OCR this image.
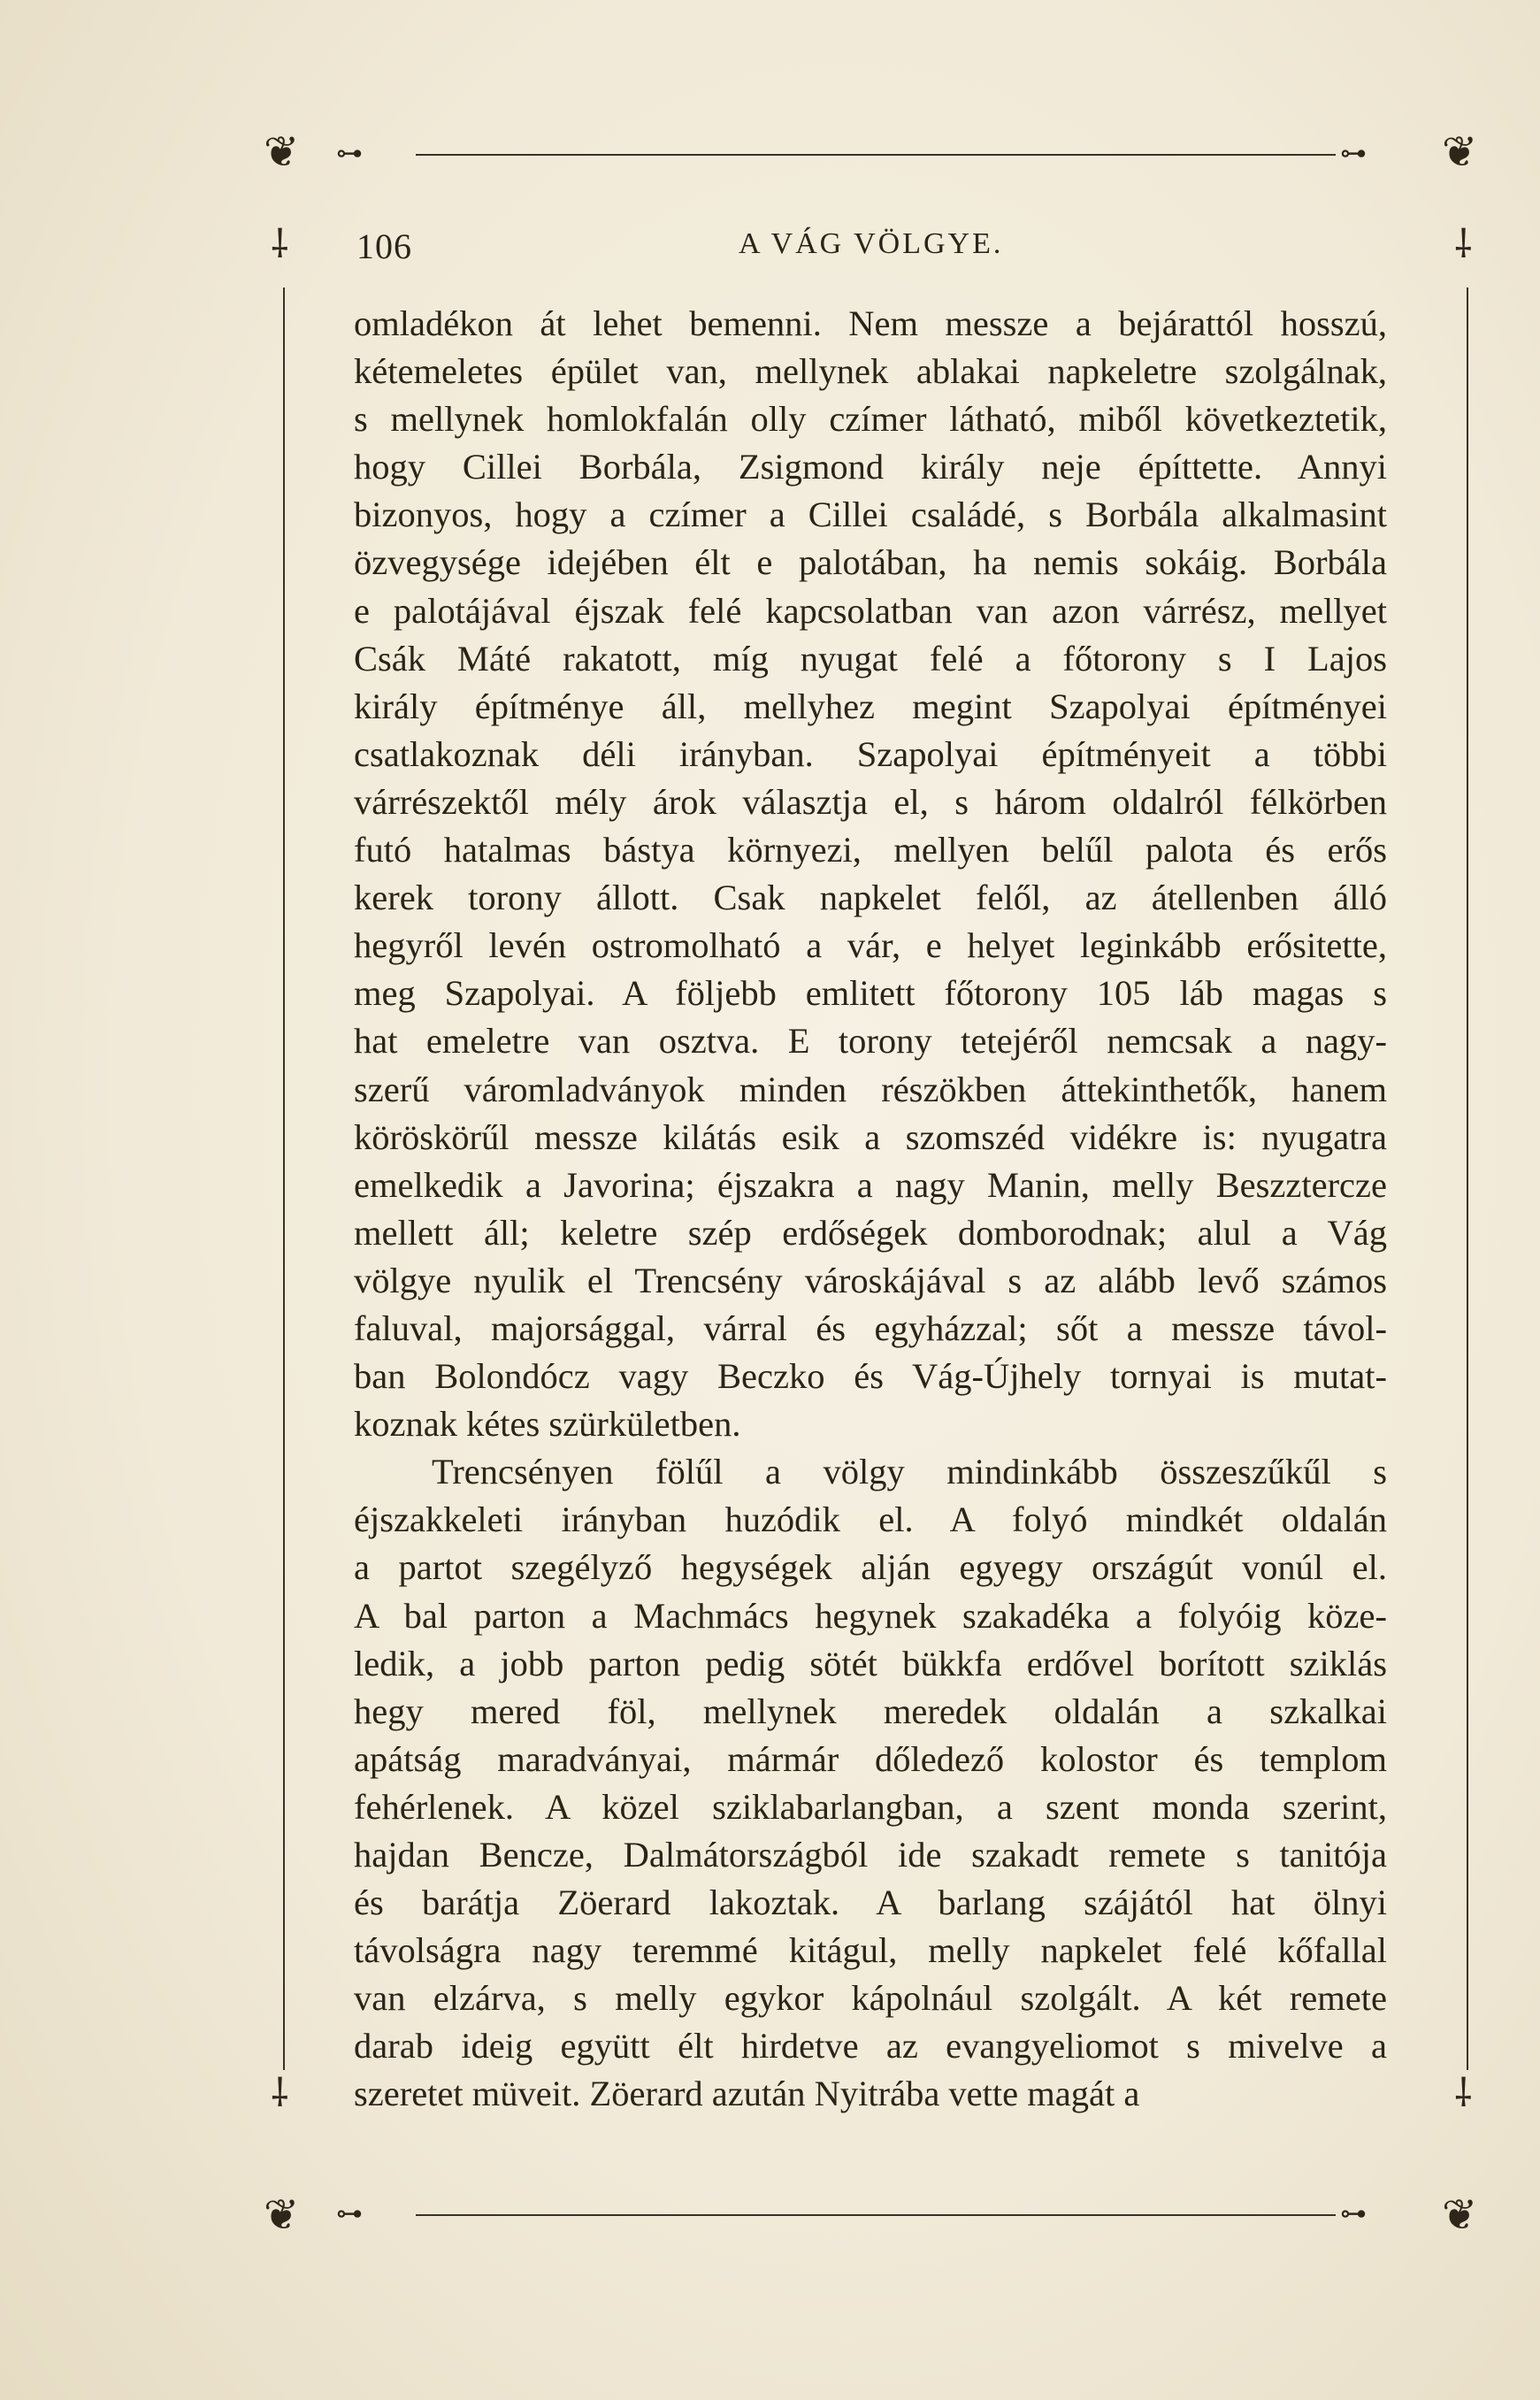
❦	❦
❦	❦
⊶	⊶
⊶	⊶
⸸	⸸
⸸	⸸
106	A VÁG VÖLGYE.
omladékon át lehet bemenni. Nem messze a bejárattól hosszú,
kétemeletes épület van, mellynek ablakai napkeletre szolgálnak,
s mellynek homlokfalán olly czímer látható, miből következtetik,
hogy Cillei Borbála, Zsigmond király neje építtette. Annyi
bizonyos, hogy a czímer a Cillei családé, s Borbála alkalmasint
özvegysége idejében élt e palotában, ha nemis sokáig. Borbála
e palotájával éjszak felé kapcsolatban van azon várrész, mellyet
Csák Máté rakatott, míg nyugat felé a főtorony s I Lajos
király építménye áll, mellyhez megint Szapolyai építményei
csatlakoznak déli irányban. Szapolyai építményeit a többi
várrészektől mély árok választja el, s három oldalról félkörben
futó hatalmas bástya környezi, mellyen belűl palota és erős
kerek torony állott. Csak napkelet felől, az átellenben álló
hegyről levén ostromolható a vár, e helyet leginkább erősitette,
meg Szapolyai. A följebb emlitett főtorony 105 láb magas s
hat emeletre van osztva. E torony tetejéről nemcsak a nagy-
szerű váromladványok minden részökben áttekinthetők, hanem
köröskörűl messze kilátás esik a szomszéd vidékre is: nyugatra
emelkedik a Javorina; éjszakra a nagy Manin, melly Beszztercze
mellett áll; keletre szép erdőségek domborodnak; alul a Vág
völgye nyulik el Trencsény városkájával s az alább levő számos
faluval, majorsággal, várral és egyházzal; sőt a messze távol-
ban Bolondócz vagy Beczko és Vág-Újhely tornyai is mutat-
koznak kétes szürkületben.
Trencsényen fölűl a völgy mindinkább összeszűkűl s
éjszakkeleti irányban huzódik el. A folyó mindkét oldalán
a partot szegélyző hegységek alján egyegy országút vonúl el.
A bal parton a Machmács hegynek szakadéka a folyóig köze-
ledik, a jobb parton pedig sötét bükkfa erdővel borított sziklás
hegy mered föl, mellynek meredek oldalán a szkalkai
apátság maradványai, mármár dőledező kolostor és templom
fehérlenek. A közel sziklabarlangban, a szent monda szerint,
hajdan Bencze, Dalmátországból ide szakadt remete s tanitója
és barátja Zöerard lakoztak. A barlang szájától hat ölnyi
távolságra nagy teremmé kitágul, melly napkelet felé kőfallal
van elzárva, s melly egykor kápolnául szolgált. A két remete
darab ideig együtt élt hirdetve az evangyeliomot s mivelve a
szeretet müveit. Zöerard azután Nyitrába vette magát a
